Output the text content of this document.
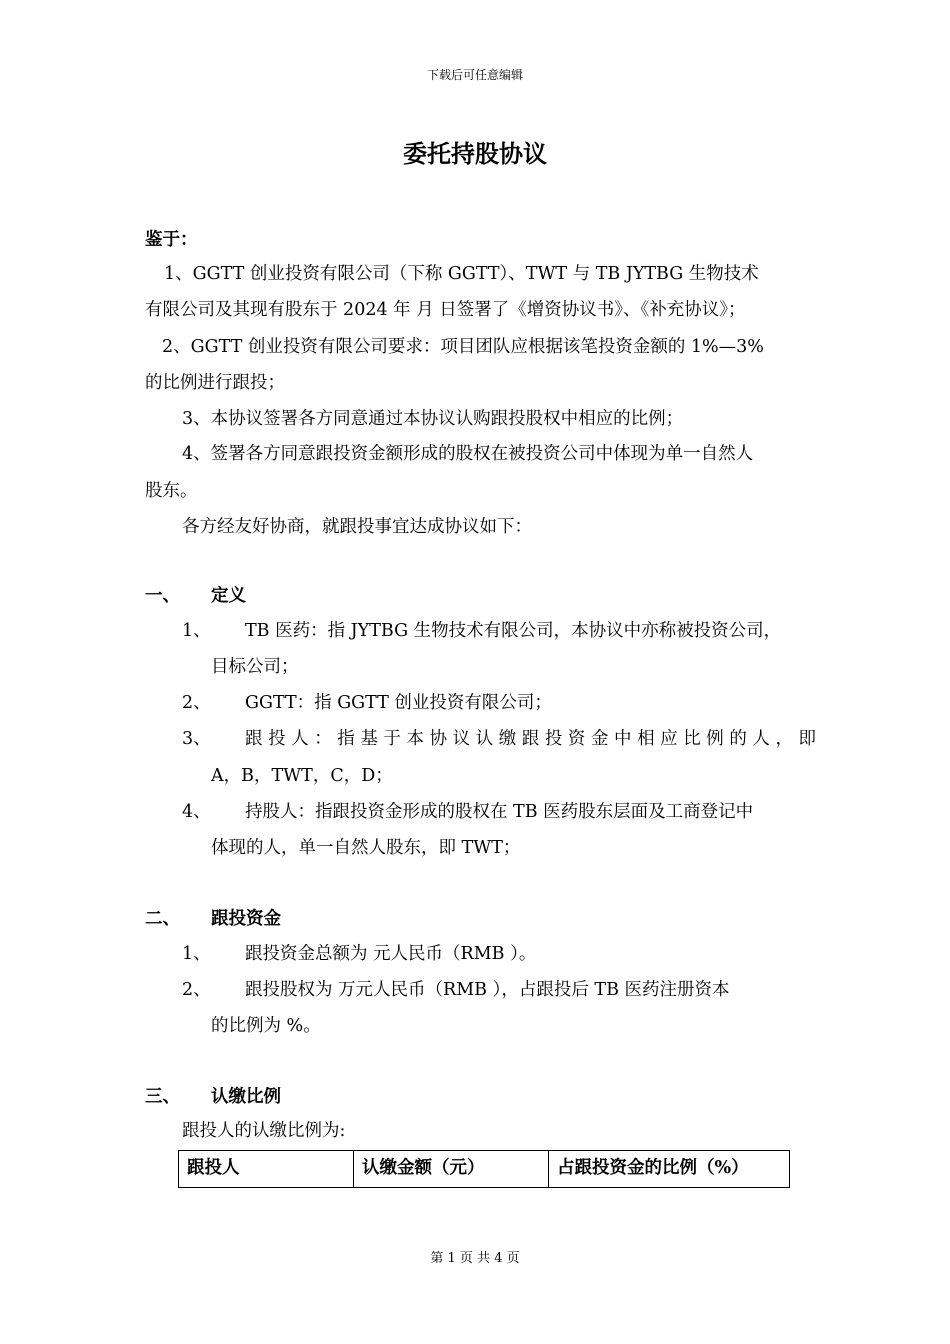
下载后可任意编辑
委托持股协议
鉴于：
1、GGTT 创业投资有限公司（下称 GGTT）、TWT 与 TB JYTBG 生物技术
有限公司及其现有股东于 2024 年 月 日签署了《增资协议书》、《补充协议》；
2、GGTT 创业投资有限公司要求：项目团队应根据该笔投资金额的 1%—3%
的比例进行跟投；
3、本协议签署各方同意通过本协议认购跟投股权中相应的比例；
4、签署各方同意跟投资金额形成的股权在被投资公司中体现为单一自然人
股东。
各方经友好协商，就跟投事宜达成协议如下：
一、 定义
1、 TB 医药：指 JYTBG 生物技术有限公司，本协议中亦称被投资公司，
目标公司；
2、 GGTT：指 GGTT 创业投资有限公司；
3、 跟 投 人 ： 指 基 于 本 协 议 认 缴 跟 投 资 金 中 相 应 比 例 的 人 ， 即
A，B，TWT，C，D；
4、 持股人：指跟投资金形成的股权在 TB 医药股东层面及工商登记中
体现的人，单一自然人股东，即 TWT；
二、 跟投资金
1、 跟投资金总额为 元人民币（RMB ）。
2、 跟投股权为 万元人民币（RMB ），占跟投后 TB 医药注册资本
的比例为 %。
三、 认缴比例
跟投人的认缴比例为:
跟投人	认缴金额（元）	占跟投资金的比例（%）
第 1 页 共 4 页
